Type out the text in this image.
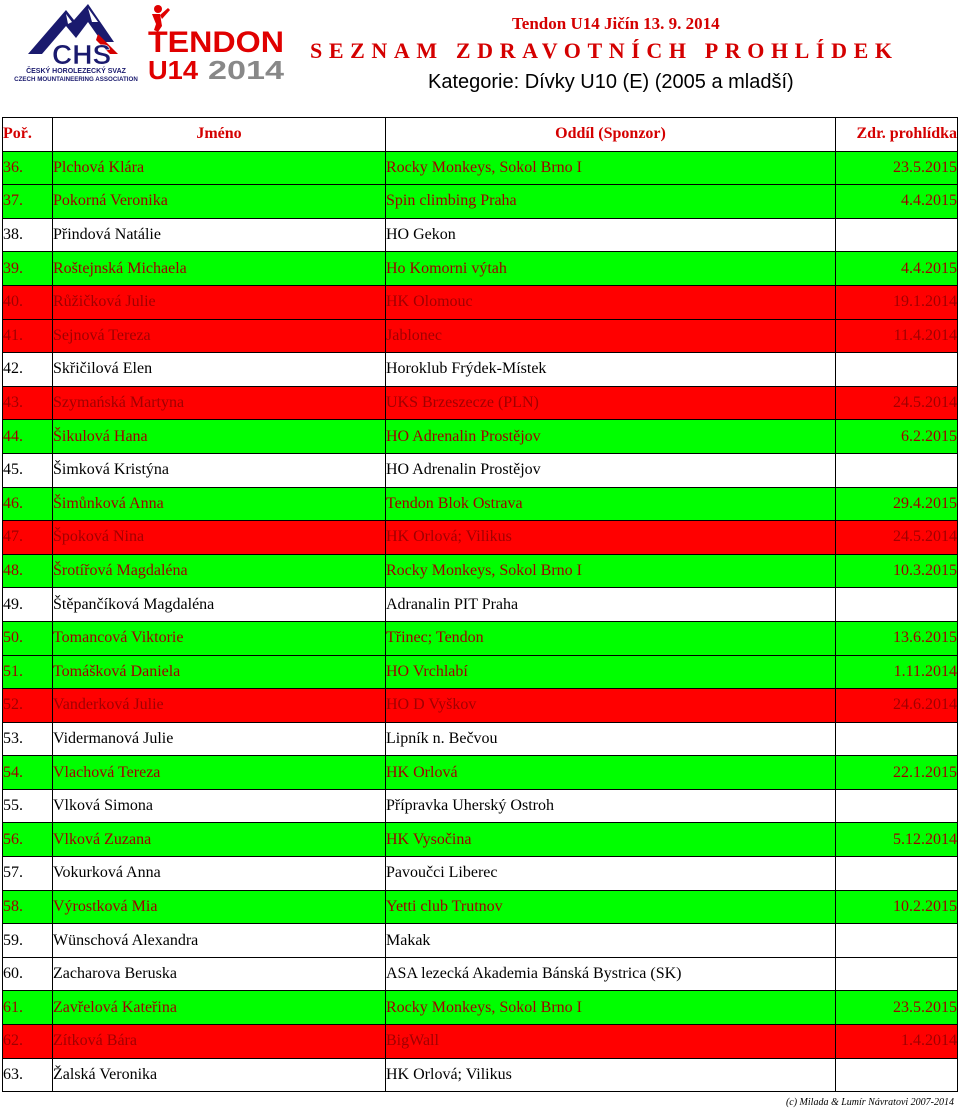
CHS
ČESKÝ HOROLEZECKÝ SVAZ
CZECH MOUNTAINEERING ASSOCIATION
TENDON
U14 2014
Tendon U14 Jičín 13. 9. 2014
SEZNAM ZDRAVOTNÍCH PROHLÍDEK
Kategorie: Dívky U10 (E) (2005 a mladší)
Poř.	Jméno	Oddíl (Sponzor)	Zdr. prohlídka
36.	Plchová Klára	Rocky Monkeys, Sokol Brno I	23.5.2015
37.	Pokorná Veronika	Spin climbing Praha	4.4.2015
38.	Přindová Natálie	HO Gekon	
39.	Roštejnská Michaela	Ho Komorni výtah	4.4.2015
40.	Růžičková Julie	HK Olomouc	19.1.2014
41.	Sejnová Tereza	Jablonec	11.4.2014
42.	Skřičilová Elen	Horoklub Frýdek-Místek	
43.	Szymańská Martyna	UKS Brzeszecze (PLN)	24.5.2014
44.	Šikulová Hana	HO Adrenalin Prostějov	6.2.2015
45.	Šimková Kristýna	HO Adrenalin Prostějov	
46.	Šimůnková Anna	Tendon Blok Ostrava	29.4.2015
47.	Špoková Nina	HK Orlová; Vilikus	24.5.2014
48.	Šrotířová Magdaléna	Rocky Monkeys, Sokol Brno I	10.3.2015
49.	Štěpančíková Magdaléna	Adranalin PIT Praha	
50.	Tomancová Viktorie	Třinec; Tendon	13.6.2015
51.	Tomášková Daniela	HO Vrchlabí	1.11.2014
52.	Vanderková Julie	HO D Vyškov	24.6.2014
53.	Vidermanová Julie	Lipník n. Bečvou	
54.	Vlachová Tereza	HK Orlová	22.1.2015
55.	Vlková Simona	Přípravka Uherský Ostroh	
56.	Vlková Zuzana	HK Vysočina	5.12.2014
57.	Vokurková Anna	Pavoučci Liberec	
58.	Výrostková Mia	Yetti club Trutnov	10.2.2015
59.	Wünschová Alexandra	Makak	
60.	Zacharova Beruska	ASA lezecká Akademia Bánská Bystrica (SK)	
61.	Zavřelová Kateřina	Rocky Monkeys, Sokol Brno I	23.5.2015
62.	Zítková Bára	BigWall	1.4.2014
63.	Žalská Veronika	HK Orlová; Vilikus	
(c) Milada & Lumír Návratovi 2007-2014
